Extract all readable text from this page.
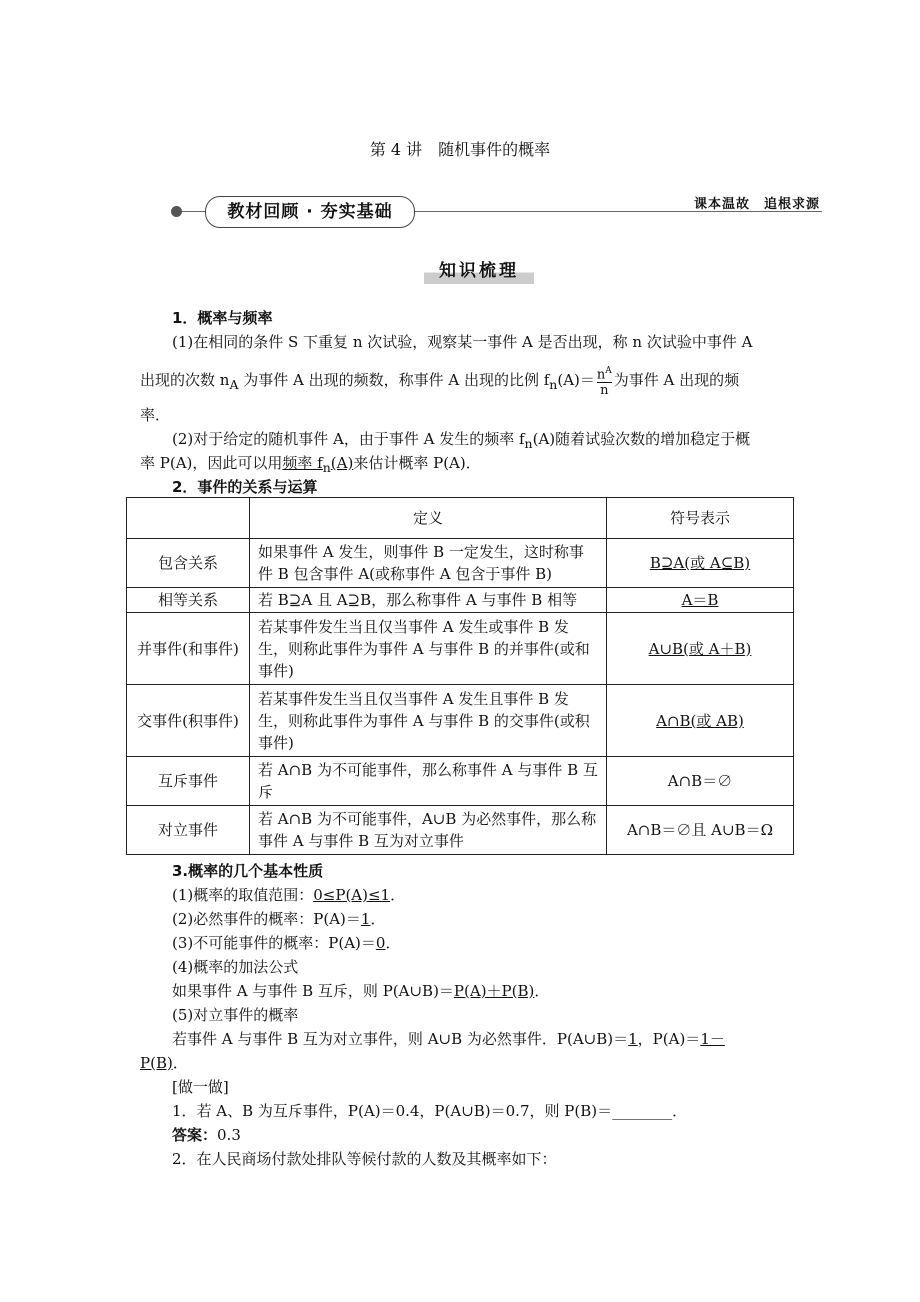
第 4 讲　随机事件的概率
教材回顾 · 夯实基础	课本温故　追根求源
知识梳理
1．概率与频率
(1)在相同的条件 S 下重复 n 次试验，观察某一事件 A 是否出现，称 n 次试验中事件 A
出现的次数 $n_A$ 为事件 A 出现的频数，称事件 A 出现的比例 $f_n(A)= \frac{n^A}{n}$ 为事件 A 出现的频
率．
(2)对于给定的随机事件 A，由于事件 A 发生的频率 $f_n(A)$随着试验次数的增加稳定于概
率 P(A)，因此可以用频率 $f_n(A)$来估计概率 P(A)．
2．事件的关系与运算
	定义	符号表示
包含关系	如果事件 A 发生，则事件 B 一定发生，这时称事件 B 包含事件 A(或称事件 A 包含于事件 B)	B⊇A(或 A⊆B)
相等关系	若 B⊇A 且 A⊇B，那么称事件 A 与事件 B 相等	A＝B
并事件(和事件)	若某事件发生当且仅当事件 A 发生或事件 B 发生，则称此事件为事件 A 与事件 B 的并事件(或和事件)	A∪B(或 A＋B)
交事件(积事件)	若某事件发生当且仅当事件 A 发生且事件 B 发生，则称此事件为事件 A 与事件 B 的交事件(或积事件)	A∩B(或 AB)
互斥事件	若 A∩B 为不可能事件，那么称事件 A 与事件 B 互斥	A∩B＝∅
对立事件	若 A∩B 为不可能事件，A∪B 为必然事件，那么称事件 A 与事件 B 互为对立事件	A∩B＝∅且 A∪B＝Ω
3.概率的几个基本性质
(1)概率的取值范围：0≤P(A)≤1．
(2)必然事件的概率：P(A)＝1．
(3)不可能事件的概率：P(A)＝0．
(4)概率的加法公式
如果事件 A 与事件 B 互斥，则 P(A∪B)＝P(A)＋P(B)．
(5)对立事件的概率
若事件 A 与事件 B 互为对立事件，则 A∪B 为必然事件．P(A∪B)＝1，P(A)＝1－
P(B)．
[做一做]
1．若 A、B 为互斥事件，P(A)＝0.4，P(A∪B)＝0.7，则 P(B)＝________．
答案：0.3
2．在人民商场付款处排队等候付款的人数及其概率如下：
